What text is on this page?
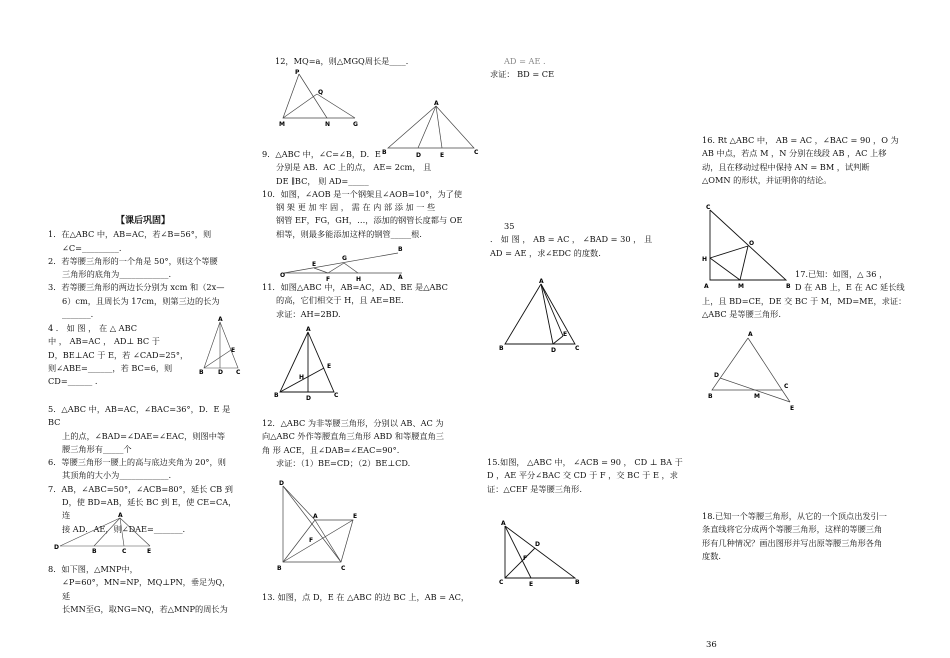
【课后巩固】

1．在△ABC 中，AB=AC，若∠B=56°，则

∠C=_________.

2．若等腰三角形的一个角是 50°，则这个等腰

三角形的底角为____________.

3．若等腰三角形的两边长分别为 xcm 和（2x—

6）cm，且周长为 17cm，则第三边的长为

_______.

4 ． 如 图 ， 在 △ ABC

中 ， AB=AC ， AD⊥ BC 于

D，BE⊥AC 于 E，若 ∠CAD=25°，

则∠ABE=______，若 BC=6，则

CD=______ .

5．△ABC 中，AB=AC，∠BAC=36°，D．E 是 BC

上的点，∠BAD=∠DAE=∠EAC，则图中等

腰三角形有_____个

6．等腰三角形一腰上的高与底边夹角为 20°，则

其顶角的大小为____________.

7．AB，∠ABC=50°，∠ACB=80°，延长 CB 到

D，使 BD=AB，延长 BC 到 E，使 CE=CA，连

接 AD．AE，则∠DAE=_______.

8．如下图，△MNP中，

∠P=60°，MN=NP，MQ⊥PN，垂足为Q，延

长MN至G，取NG=NQ，若△MNP的周长为

A
E
B D C
A
D
B	C	E

12，MQ=a，则△MGQ周长是____．

P
Q
M	N	G
A
B	D	E	C

9．△ABC 中，∠C=∠B，D．E

分别是 AB．AC 上的点， AE= 2cm， 且

DE ∥BC， 则 AD=_____

10．如图，∠AOB 是一个钢架且∠AOB=10°，为了使

钢 架 更 加 牢 固 ， 需 在 内 部 添 加 一 些

钢管 EF，FG，GH，…，添加的钢管长度都与 OE

相等，则最多能添加这样的钢管_____根.

O
E
G
H
B
F	A

11．如图△ABC 中，AB=AC，AD、BE 是△ABC

的高，它们相交于 H，且 AE=BE.

求证：AH=2BD.

A
E
H
B	D	C

12．△ABC 为非等腰三角形，分别以 AB、AC 为

向△ABC 外作等腰直角三角形 ABD 和等腰直角三

角 形 ACE，且∠DAB=∠EAC=90°.

求证：（1）BE=CD；（2）BE⊥CD.

D
E
A
F
B	C

13. 如图，点 D，E 在 △ABC 的边 BC 上，AB = AC，

AD = AE .

求证： BD = CE

35

． 如 图 ， AB = AC ， ∠BAD = 30 ， 且

AD = AE ，求∠EDC 的度数.

A
E
B	D	C

15.如图， △ABC 中， ∠ACB = 90 ， CD ⊥ BA 于

D ，AE 平分∠BAC 交 CD 于 F ，交 BC 于 E ，求

证：△CEF 是等腰三角形.

A
D
F
C	E	B

16. Rt △ABC 中， AB = AC ，∠BAC = 90 ，O 为

AB 中点，若点 M ，N 分别在线段 AB ，AC 上移

动，且在移动过程中保持 AN = BM ，试判断

△OMN 的形状，并证明你的结论。

C
O
H
A	M	B

17.已知：如图，△ 36 ，

D 在 AB 上，E 在 AC 延长线

上，且 BD=CE，DE 交 BC 于 M，MD=ME，求证：

△ABC 是等腰三角形.

A
D
B	M
C
E

18.已知一个等腰三角形，从它的一个顶点出发引一

条直线将它分成两个等腰三角形，这样的等腰三角

形有几种情况？画出图形并写出原等腰三角形各角

度数.

36
